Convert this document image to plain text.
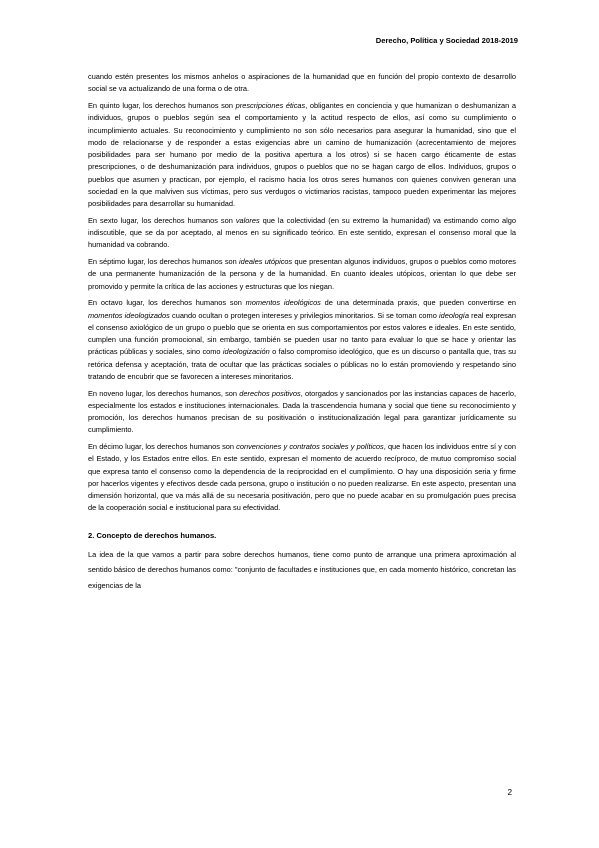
Derecho, Política y Sociedad 2018-2019

cuando estén presentes los mismos anhelos o aspiraciones de la humanidad que en función del propio contexto de desarrollo social se va actualizando de una forma o de otra.

En quinto lugar, los derechos humanos son prescripciones éticas, obligantes en conciencia y que humanizan o deshumanizan a individuos, grupos o pueblos según sea el comportamiento y la actitud respecto de ellos, así como su cumplimiento o incumplimiento actuales. Su reconocimiento y cumplimiento no son sólo necesarios para asegurar la humanidad, sino que el modo de relacionarse y de responder a estas exigencias abre un camino de humanización (acrecentamiento de mejores posibilidades para ser humano por medio de la positiva apertura a los otros) si se hacen cargo éticamente de estas prescripciones, o de deshumanización para individuos, grupos o pueblos que no se hagan cargo de ellos. Individuos, grupos o pueblos que asumen y practican, por ejemplo, el racismo hacia los otros seres humanos con quienes conviven generan una sociedad en la que malviven sus víctimas, pero sus verdugos o victimarios racistas, tampoco pueden experimentar las mejores posibilidades para desarrollar su humanidad.

En sexto lugar, los derechos humanos son valores que la colectividad (en su extremo la humanidad) va estimando como algo indiscutible, que se da por aceptado, al menos en su significado teórico. En este sentido, expresan el consenso moral que la humanidad va cobrando.

En séptimo lugar, los derechos humanos son ideales utópicos que presentan algunos individuos, grupos o pueblos como motores de una permanente humanización de la persona y de la humanidad. En cuanto ideales utópicos, orientan lo que debe ser promovido y permite la crítica de las acciones y estructuras que los niegan.

En octavo lugar, los derechos humanos son momentos ideológicos de una determinada praxis, que pueden convertirse en momentos ideologizados cuando ocultan o protegen intereses y privilegios minoritarios. Si se toman como ideología real expresan el consenso axiológico de un grupo o pueblo que se orienta en sus comportamientos por estos valores e ideales. En este sentido, cumplen una función promocional, sin embargo, también se pueden usar no tanto para evaluar lo que se hace y orientar las prácticas públicas y sociales, sino como ideologización o falso compromiso ideológico, que es un discurso o pantalla que, tras su retórica defensa y aceptación, trata de ocultar que las prácticas sociales o públicas no lo están promoviendo y respetando sino tratando de encubrir que se favorecen a intereses minoritarios.

En noveno lugar, los derechos humanos, son derechos positivos, otorgados y sancionados por las instancias capaces de hacerlo, especialmente los estados e instituciones internacionales. Dada la trascendencia humana y social que tiene su reconocimiento y promoción, los derechos humanos precisan de su positivación o institucionalización legal para garantizar jurídicamente su cumplimiento.

En décimo lugar, los derechos humanos son convenciones y contratos sociales y políticos, que hacen los individuos entre sí y con el Estado, y los Estados entre ellos. En este sentido, expresan el momento de acuerdo recíproco, de mutuo compromiso social que expresa tanto el consenso como la dependencia de la reciprocidad en el cumplimiento. O hay una disposición seria y firme por hacerlos vigentes y efectivos desde cada persona, grupo o institución o no pueden realizarse. En este aspecto, presentan una dimensión horizontal, que va más allá de su necesaria positivación, pero que no puede acabar en su promulgación pues precisa de la cooperación social e institucional para su efectividad.

2. Concepto de derechos humanos.

La idea de la que vamos a partir para sobre derechos humanos, tiene como punto de arranque una primera aproximación al sentido básico de derechos humanos como: "conjunto de facultades e instituciones que, en cada momento histórico, concretan las exigencias de la

2
